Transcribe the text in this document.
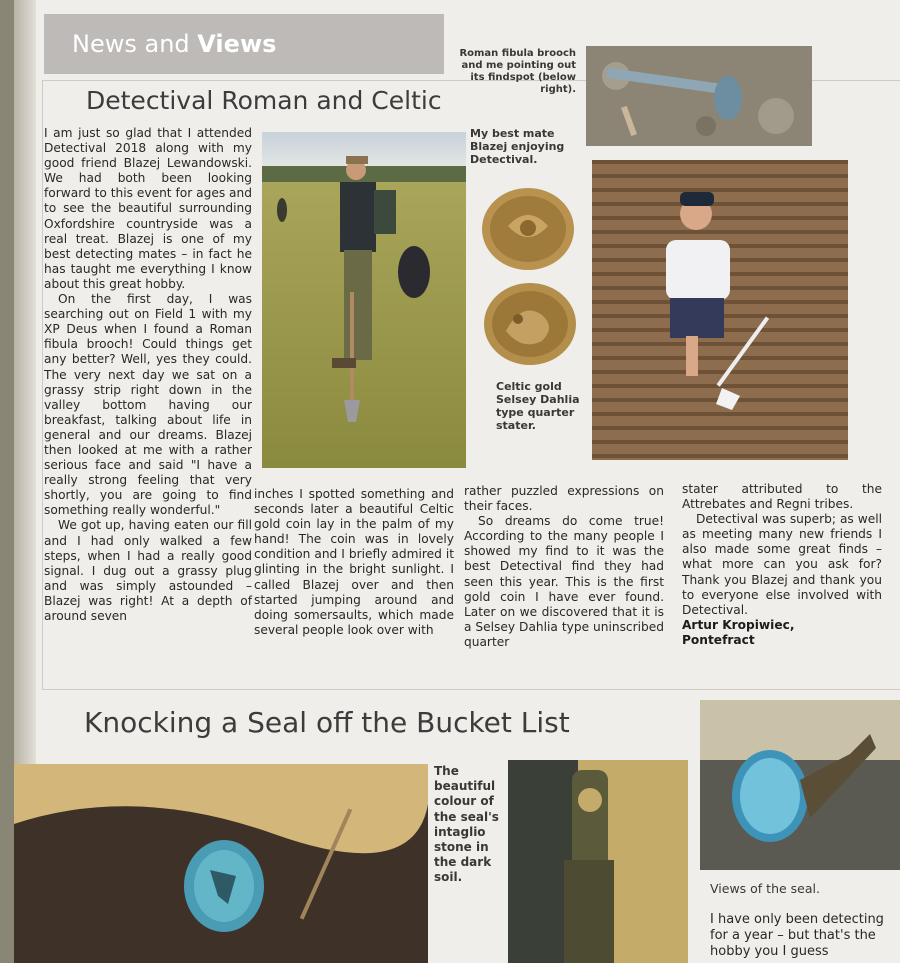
News and Views
Detectival Roman and Celtic

I am just so glad that I attended Detectival 2018 along with my good friend Blazej Lewandowski. We had both been looking forward to this event for ages and to see the beautiful surrounding Oxfordshire countryside was a real treat. Blazej is one of my best detecting mates – in fact he has taught me everything I know about this great hobby.

On the first day, I was searching out on Field 1 with my XP Deus when I found a Roman fibula brooch! Could things get any better? Well, yes they could. The very next day we sat on a grassy strip right down in the valley bottom having our breakfast, talking about life in general and our dreams. Blazej then looked at me with a rather serious face and said "I have a really strong feeling that very shortly, you are going to find something really wonderful."

We got up, having eaten our fill and I had only walked a few steps, when I had a really good signal. I dug out a grassy plug and was simply astounded – Blazej was right! At a depth of around seven

inches I spotted something and seconds later a beautiful Celtic gold coin lay in the palm of my hand! The coin was in lovely condition and I briefly admired it glinting in the bright sunlight. I called Blazej over and then started jumping around and doing somersaults, which made several people look over with

rather puzzled expressions on their faces.

So dreams do come true! According to the many people I showed my find to it was the best Detectival find they had seen this year. This is the first gold coin I have ever found. Later on we discovered that it is a Selsey Dahlia type uninscribed quarter

stater attributed to the Attrebates and Regni tribes.

Detectival was superb; as well as meeting many new friends I also made some great finds – what more can you ask for? Thank you Blazej and thank you to everyone else involved with Detectival.

Artur Kropiwiec,

Pontefract

Roman fibula brooch and me pointing out its findspot (below right).
My best mate Blazej enjoying Detectival.
Celtic gold Selsey Dahlia type quarter stater.
Knocking a Seal off the Bucket List
The beautiful colour of the seal's intaglio stone in the dark soil.
Views of the seal.

I have only been detecting for a year – but that's the hobby you I guess
